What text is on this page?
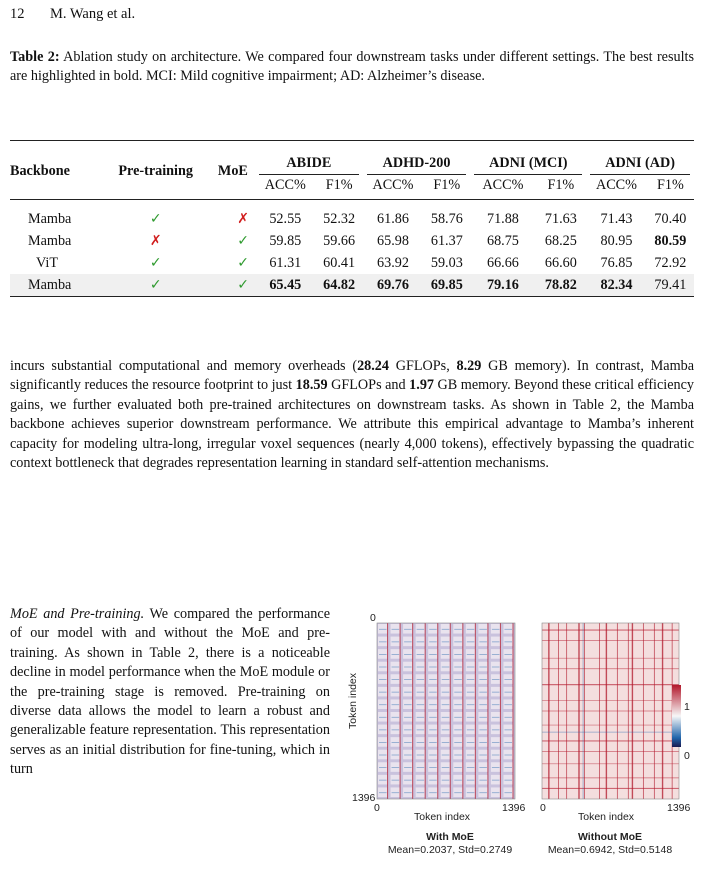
12 M. Wang et al.
Table 2: Ablation study on architecture. We compared four downstream tasks under different settings. The best results are highlighted in bold. MCI: Mild cognitive impairment; AD: Alzheimer’s disease.
Backbone	Pre-training	MoE	ABIDE		ADHD-200		ADNI (MCI)		ADNI (AD)	

			ACC%	F1%	ACC%	F1%	ACC%	F1%	ACC%	F1%
Mamba	✓	✗	52.55	52.32	61.86	58.76	71.88	71.63	71.43	70.40
Mamba	✗	✓	59.85	59.66	65.98	61.37	68.75	68.25	80.95	80.59
ViT	✓	✓	61.31	60.41	63.92	59.03	66.66	66.60	76.85	72.92
Mamba	✓	✓	65.45	64.82	69.76	69.85	79.16	78.82	82.34	79.41
incurs substantial computational and memory overheads (28.24 GFLOPs, 8.29 GB memory). In contrast, Mamba significantly reduces the resource footprint to just 18.59 GFLOPs and 1.97 GB memory. Beyond these critical efficiency gains, we further evaluated both pre-trained architectures on downstream tasks. As shown in Table 2, the Mamba backbone achieves superior downstream performance. We attribute this empirical advantage to Mamba’s inherent capacity for modeling ultra-long, irregular voxel sequences (nearly 4,000 tokens), effectively bypassing the quadratic context bottleneck that degrades representation learning in standard self-attention mechanisms.
MoE and Pre-training. We compared the performance of our model with and without the MoE and pre-training. As shown in Table 2, there is a noticeable decline in model performance when the MoE module or the pre-training stage is removed. Pre-training on diverse data allows the model to learn a robust and generalizable feature representation. This representation serves as an initial distribution for fine-tuning, which in turn
0
1396
0	1396
Token index
Token index
0	1396
Token index
1
0
With MoE
Mean=0.2037, Std=0.2749
Without MoE
Mean=0.6942, Std=0.5148
